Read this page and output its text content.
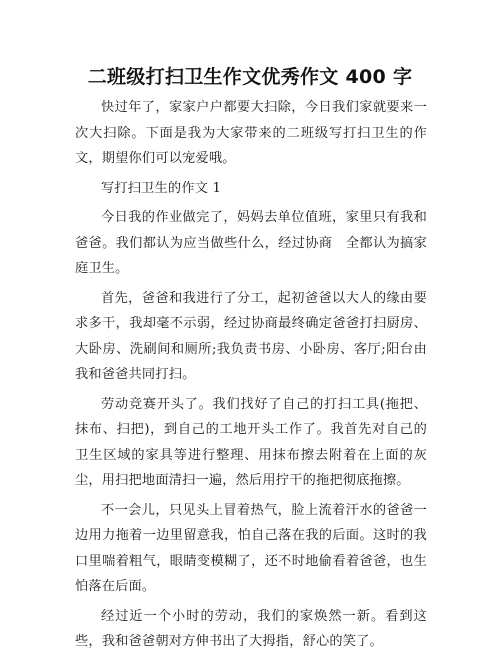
二班级打扫卫生作文优秀作文 400 字

快过年了，家家户户都要大扫除，今日我们家就要来一次大扫除。下面是我为大家带来的二班级写打扫卫生的作文，期望你们可以宠爱哦。

写打扫卫生的作文 1

今日我的作业做完了，妈妈去单位值班，家里只有我和爸爸。我们都认为应当做些什么，经过协商　全都认为搞家庭卫生。

首先，爸爸和我进行了分工，起初爸爸以大人的缘由要求多干，我却毫不示弱，经过协商最终确定爸爸打扫厨房、大卧房、洗刷间和厕所;我负责书房、小卧房、客厅;阳台由我和爸爸共同打扫。

劳动竞赛开头了。我们找好了自己的打扫工具(拖把、抹布、扫把)，到自己的工地开头工作了。我首先对自己的卫生区域的家具等进行整理、用抹布擦去附着在上面的灰尘，用扫把地面清扫一遍，然后用拧干的拖把彻底拖擦。

不一会儿，只见头上冒着热气，脸上流着汗水的爸爸一边用力拖着一边里留意我，怕自己落在我的后面。这时的我口里喘着粗气，眼睛变模糊了，还不时地偷看着爸爸，也生怕落在后面。

经过近一个小时的劳动，我们的家焕然一新。看到这些，我和爸爸朝对方伸书出了大拇指，舒心的笑了。
